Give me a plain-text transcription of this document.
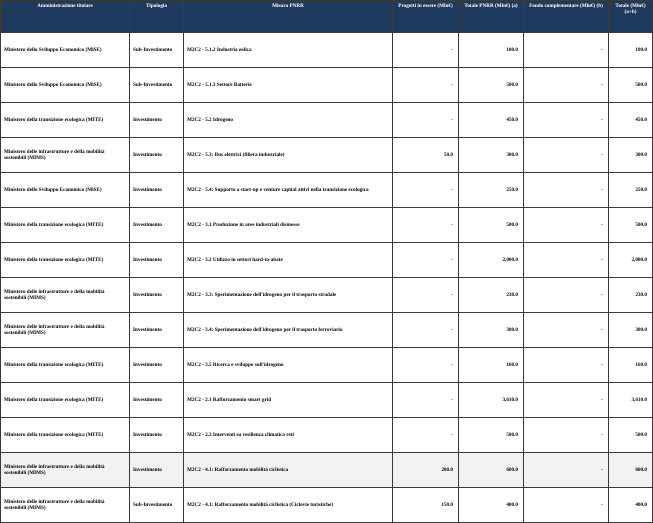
Amministrazione titolare	Tipologia	Misura PNRR	Progetti in essere (Mln€)	Totale PNRR (Mln€) (a)	Fondo complementare (Mln€) (b)	Totale (Mln€) (a+b)
Ministero dello Sviluppo Economico (MiSE)	Sub-Investimento	M2C2 - 5.1.2 Industria eolica	-	100.0	-	100.0
Ministero dello Sviluppo Economico (MiSE)	Sub-Investimento	M2C2 - 5.1.3 Settore Batterie	-	500.0	-	500.0
Ministero della transizione ecologica (MITE)	Investimento	M2C2 - 5.2 Idrogeno	-	450.0	-	450.0
Ministero delle infrastrutture e della mobilità sostenibili (MIMS)	Investimento	M2C2 - 5.3: Bus elettrici (filiera industriale)	50.0	300.0	-	300.0
Ministero dello Sviluppo Economico (MiSE)	Investimento	M2C2 - 5.4: Supporto a start-up e venture capital attivi nella transizione ecologica	-	250.0	-	250.0
Ministero della transizione ecologica (MITE)	Investimento	M2C2 - 3.1 Produzione in aree industriali dismesse	-	500.0	-	500.0
Ministero della transizione ecologica (MITE)	Investimento	M2C2 - 3.2 Utilizzo in settori hard-to-abate	-	2,000.0	-	2,000.0
Ministero delle infrastrutture e della mobilità sostenibili (MIMS)	Investimento	M2C2 - 3.3: Sperimentazione dell'idrogeno per il trasporto stradale	-	230.0	-	230.0
Ministero delle infrastrutture e della mobilità sostenibili (MIMS)	Investimento	M2C2 - 3.4: Sperimentazione dell'idrogeno per il trasporto ferroviario	-	300.0	-	300.0
Ministero della transizione ecologica (MITE)	Investimento	M2C2 - 3.5 Ricerca e sviluppo sull'idrogeno	-	160.0	-	160.0
Ministero della transizione ecologica (MITE)	Investimento	M2C2 - 2.1 Rafforzamento smart grid	-	3,610.0	-	3,610.0
Ministero della transizione ecologica (MITE)	Investimento	M2C2 - 2.2 Interventi su resilienza climatica reti	-	500.0	-	500.0
Ministero delle infrastrutture e della mobilità sostenibili (MIMS)	Investimento	M2C2 - 4.1: Rafforzamento mobilità ciclistica	200.0	600.0	-	600.0
Ministero delle infrastrutture e della mobilità sostenibili (MIMS)	Sub-Investimento	M2C2 - 4.1: Rafforzamento mobilità ciclistica (Ciclovie turistiche)	150.0	400.0	-	400.0
